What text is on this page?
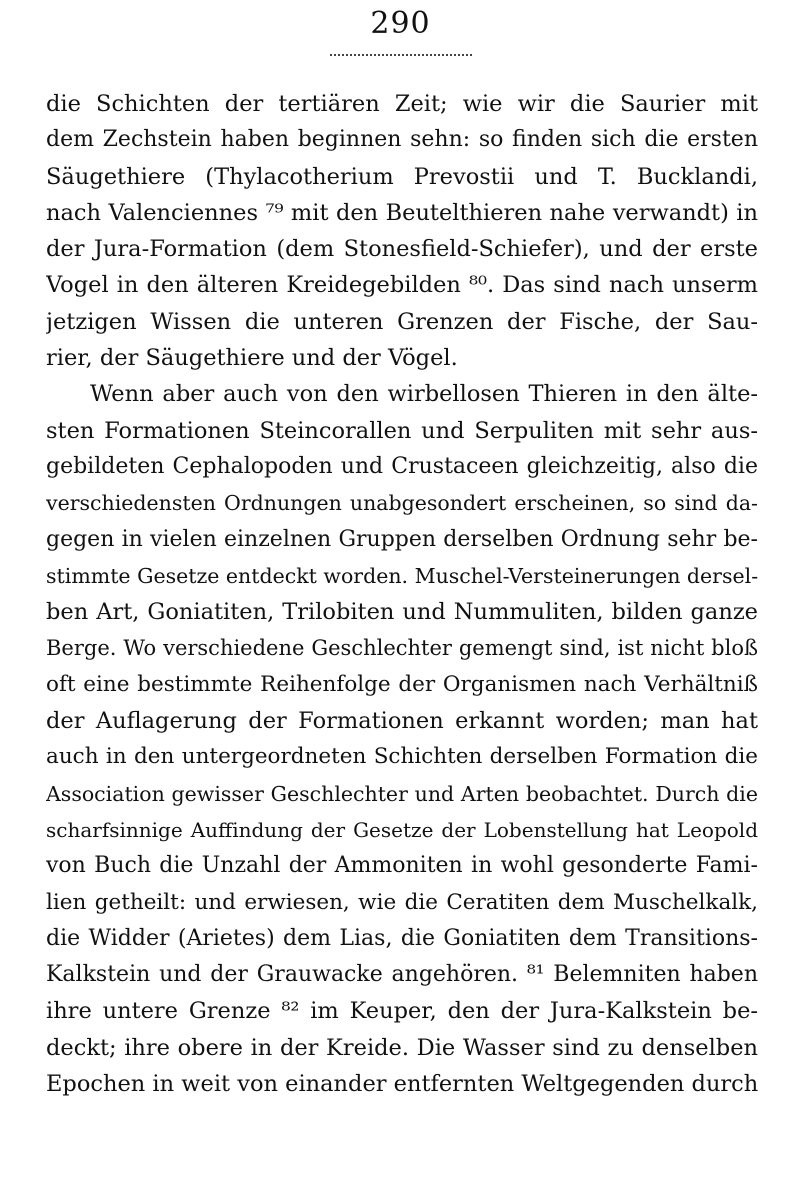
290
die Schichten der tertiären Zeit; wie wir die Saurier mit
dem Zechstein haben beginnen sehn: so finden sich die ersten
Säugethiere (Thylacotherium Prevostii und T. Bucklandi,
nach Valenciennes ⁷⁹ mit den Beutelthieren nahe verwandt) in
der Jura-Formation (dem Stonesfield-Schiefer), und der erste
Vogel in den älteren Kreidegebilden ⁸⁰. Das sind nach unserm
jetzigen Wissen die unteren Grenzen der Fische, der Sau-
rier, der Säugethiere und der Vögel.
Wenn aber auch von den wirbellosen Thieren in den älte-
sten Formationen Steincorallen und Serpuliten mit sehr aus-
gebildeten Cephalopoden und Crustaceen gleichzeitig, also die
verschiedensten Ordnungen unabgesondert erscheinen, so sind da-
gegen in vielen einzelnen Gruppen derselben Ordnung sehr be-
stimmte Gesetze entdeckt worden. Muschel-Versteinerungen dersel-
ben Art, Goniatiten, Trilobiten und Nummuliten, bilden ganze
Berge. Wo verschiedene Geschlechter gemengt sind, ist nicht bloß
oft eine bestimmte Reihenfolge der Organismen nach Verhältniß
der Auflagerung der Formationen erkannt worden; man hat
auch in den untergeordneten Schichten derselben Formation die
Association gewisser Geschlechter und Arten beobachtet. Durch die
scharfsinnige Auffindung der Gesetze der Lobenstellung hat Leopold
von Buch die Unzahl der Ammoniten in wohl gesonderte Fami-
lien getheilt: und erwiesen, wie die Ceratiten dem Muschelkalk,
die Widder (Arietes) dem Lias, die Goniatiten dem Transitions-
Kalkstein und der Grauwacke angehören. ⁸¹ Belemniten haben
ihre untere Grenze ⁸² im Keuper, den der Jura-Kalkstein be-
deckt; ihre obere in der Kreide. Die Wasser sind zu denselben
Epochen in weit von einander entfernten Weltgegenden durch
